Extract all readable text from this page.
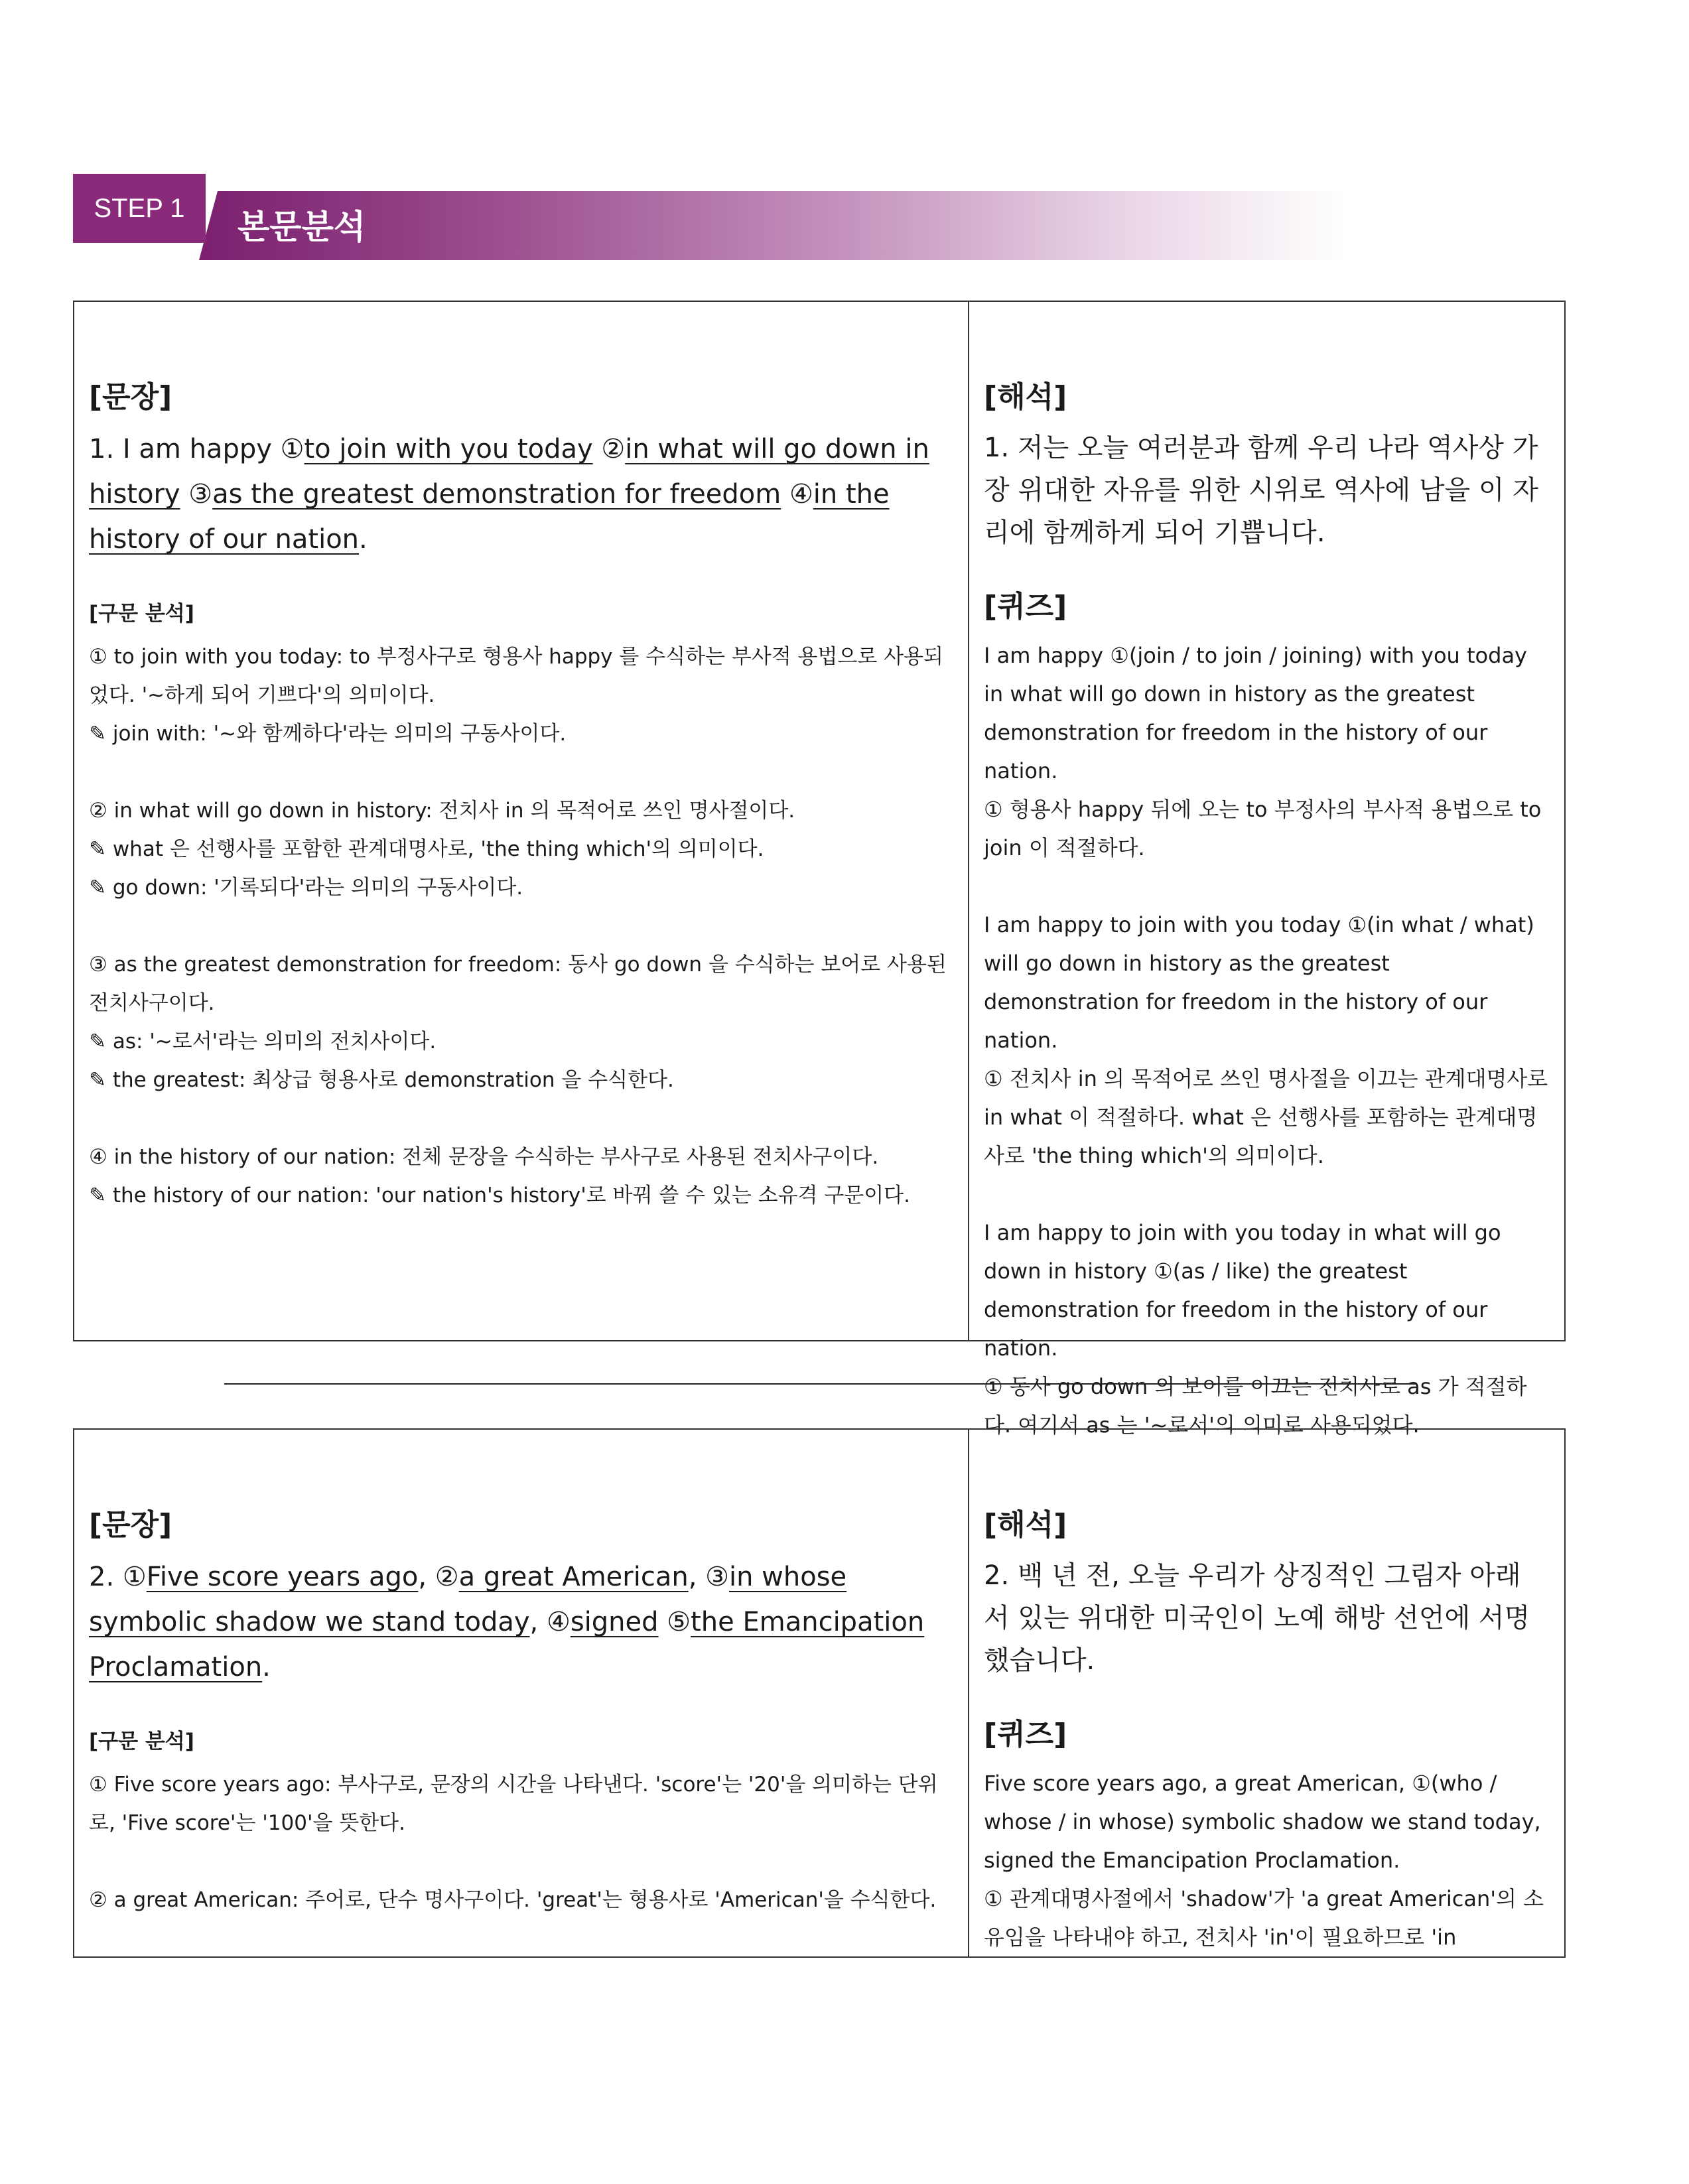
STEP 1 본문분석

[문장]

1. I am happy ①to join with you today ②in what will go down in history ③as the greatest demonstration for freedom ④in the history of our nation.

[구문 분석]

① to join with you today: to 부정사구로 형용사 happy 를 수식하는 부사적 용법으로 사용되었다. '~하게 되어 기쁘다'의 의미이다.

✎ join with: '~와 함께하다'라는 의미의 구동사이다.

② in what will go down in history: 전치사 in 의 목적어로 쓰인 명사절이다.

✎ what 은 선행사를 포함한 관계대명사로, 'the thing which'의 의미이다.

✎ go down: '기록되다'라는 의미의 구동사이다.

③ as the greatest demonstration for freedom: 동사 go down 을 수식하는 보어로 사용된 전치사구이다.

✎ as: '~로서'라는 의미의 전치사이다.

✎ the greatest: 최상급 형용사로 demonstration 을 수식한다.

④ in the history of our nation: 전체 문장을 수식하는 부사구로 사용된 전치사구이다.

✎ the history of our nation: 'our nation's history'로 바꿔 쓸 수 있는 소유격 구문이다.

[해석]

1. 저는 오늘 여러분과 함께 우리 나라 역사상 가장 위대한 자유를 위한 시위로 역사에 남을 이 자리에 함께하게 되어 기쁩니다.

[퀴즈]

I am happy ①(join / to join / joining) with you today in what will go down in history as the greatest demonstration for freedom in the history of our nation.

① 형용사 happy 뒤에 오는 to 부정사의 부사적 용법으로 to join 이 적절하다.

I am happy to join with you today ①(in what / what) will go down in history as the greatest demonstration for freedom in the history of our nation.

① 전치사 in 의 목적어로 쓰인 명사절을 이끄는 관계대명사로 in what 이 적절하다. what 은 선행사를 포함하는 관계대명사로 'the thing which'의 의미이다.

I am happy to join with you today in what will go down in history ①(as / like) the greatest demonstration for freedom in the history of our nation.

① 동사 go down 의 보어를 이끄는 전치사로 as 가 적절하다. 여기서 as 는 '~로서'의 의미로 사용되었다.

[문장]

2. ①Five score years ago, ②a great American, ③in whose symbolic shadow we stand today, ④signed ⑤the Emancipation Proclamation.

[구문 분석]

① Five score years ago: 부사구로, 문장의 시간을 나타낸다. 'score'는 '20'을 의미하는 단위로, 'Five score'는 '100'을 뜻한다.

② a great American: 주어로, 단수 명사구이다. 'great'는 형용사로 'American'을 수식한다.

[해석]

2. 백 년 전, 오늘 우리가 상징적인 그림자 아래 서 있는 위대한 미국인이 노예 해방 선언에 서명했습니다.

[퀴즈]

Five score years ago, a great American, ①(who / whose / in whose) symbolic shadow we stand today, signed the Emancipation Proclamation.

① 관계대명사절에서 'shadow'가 'a great American'의 소유임을 나타내야 하고, 전치사 'in'이 필요하므로 'in
